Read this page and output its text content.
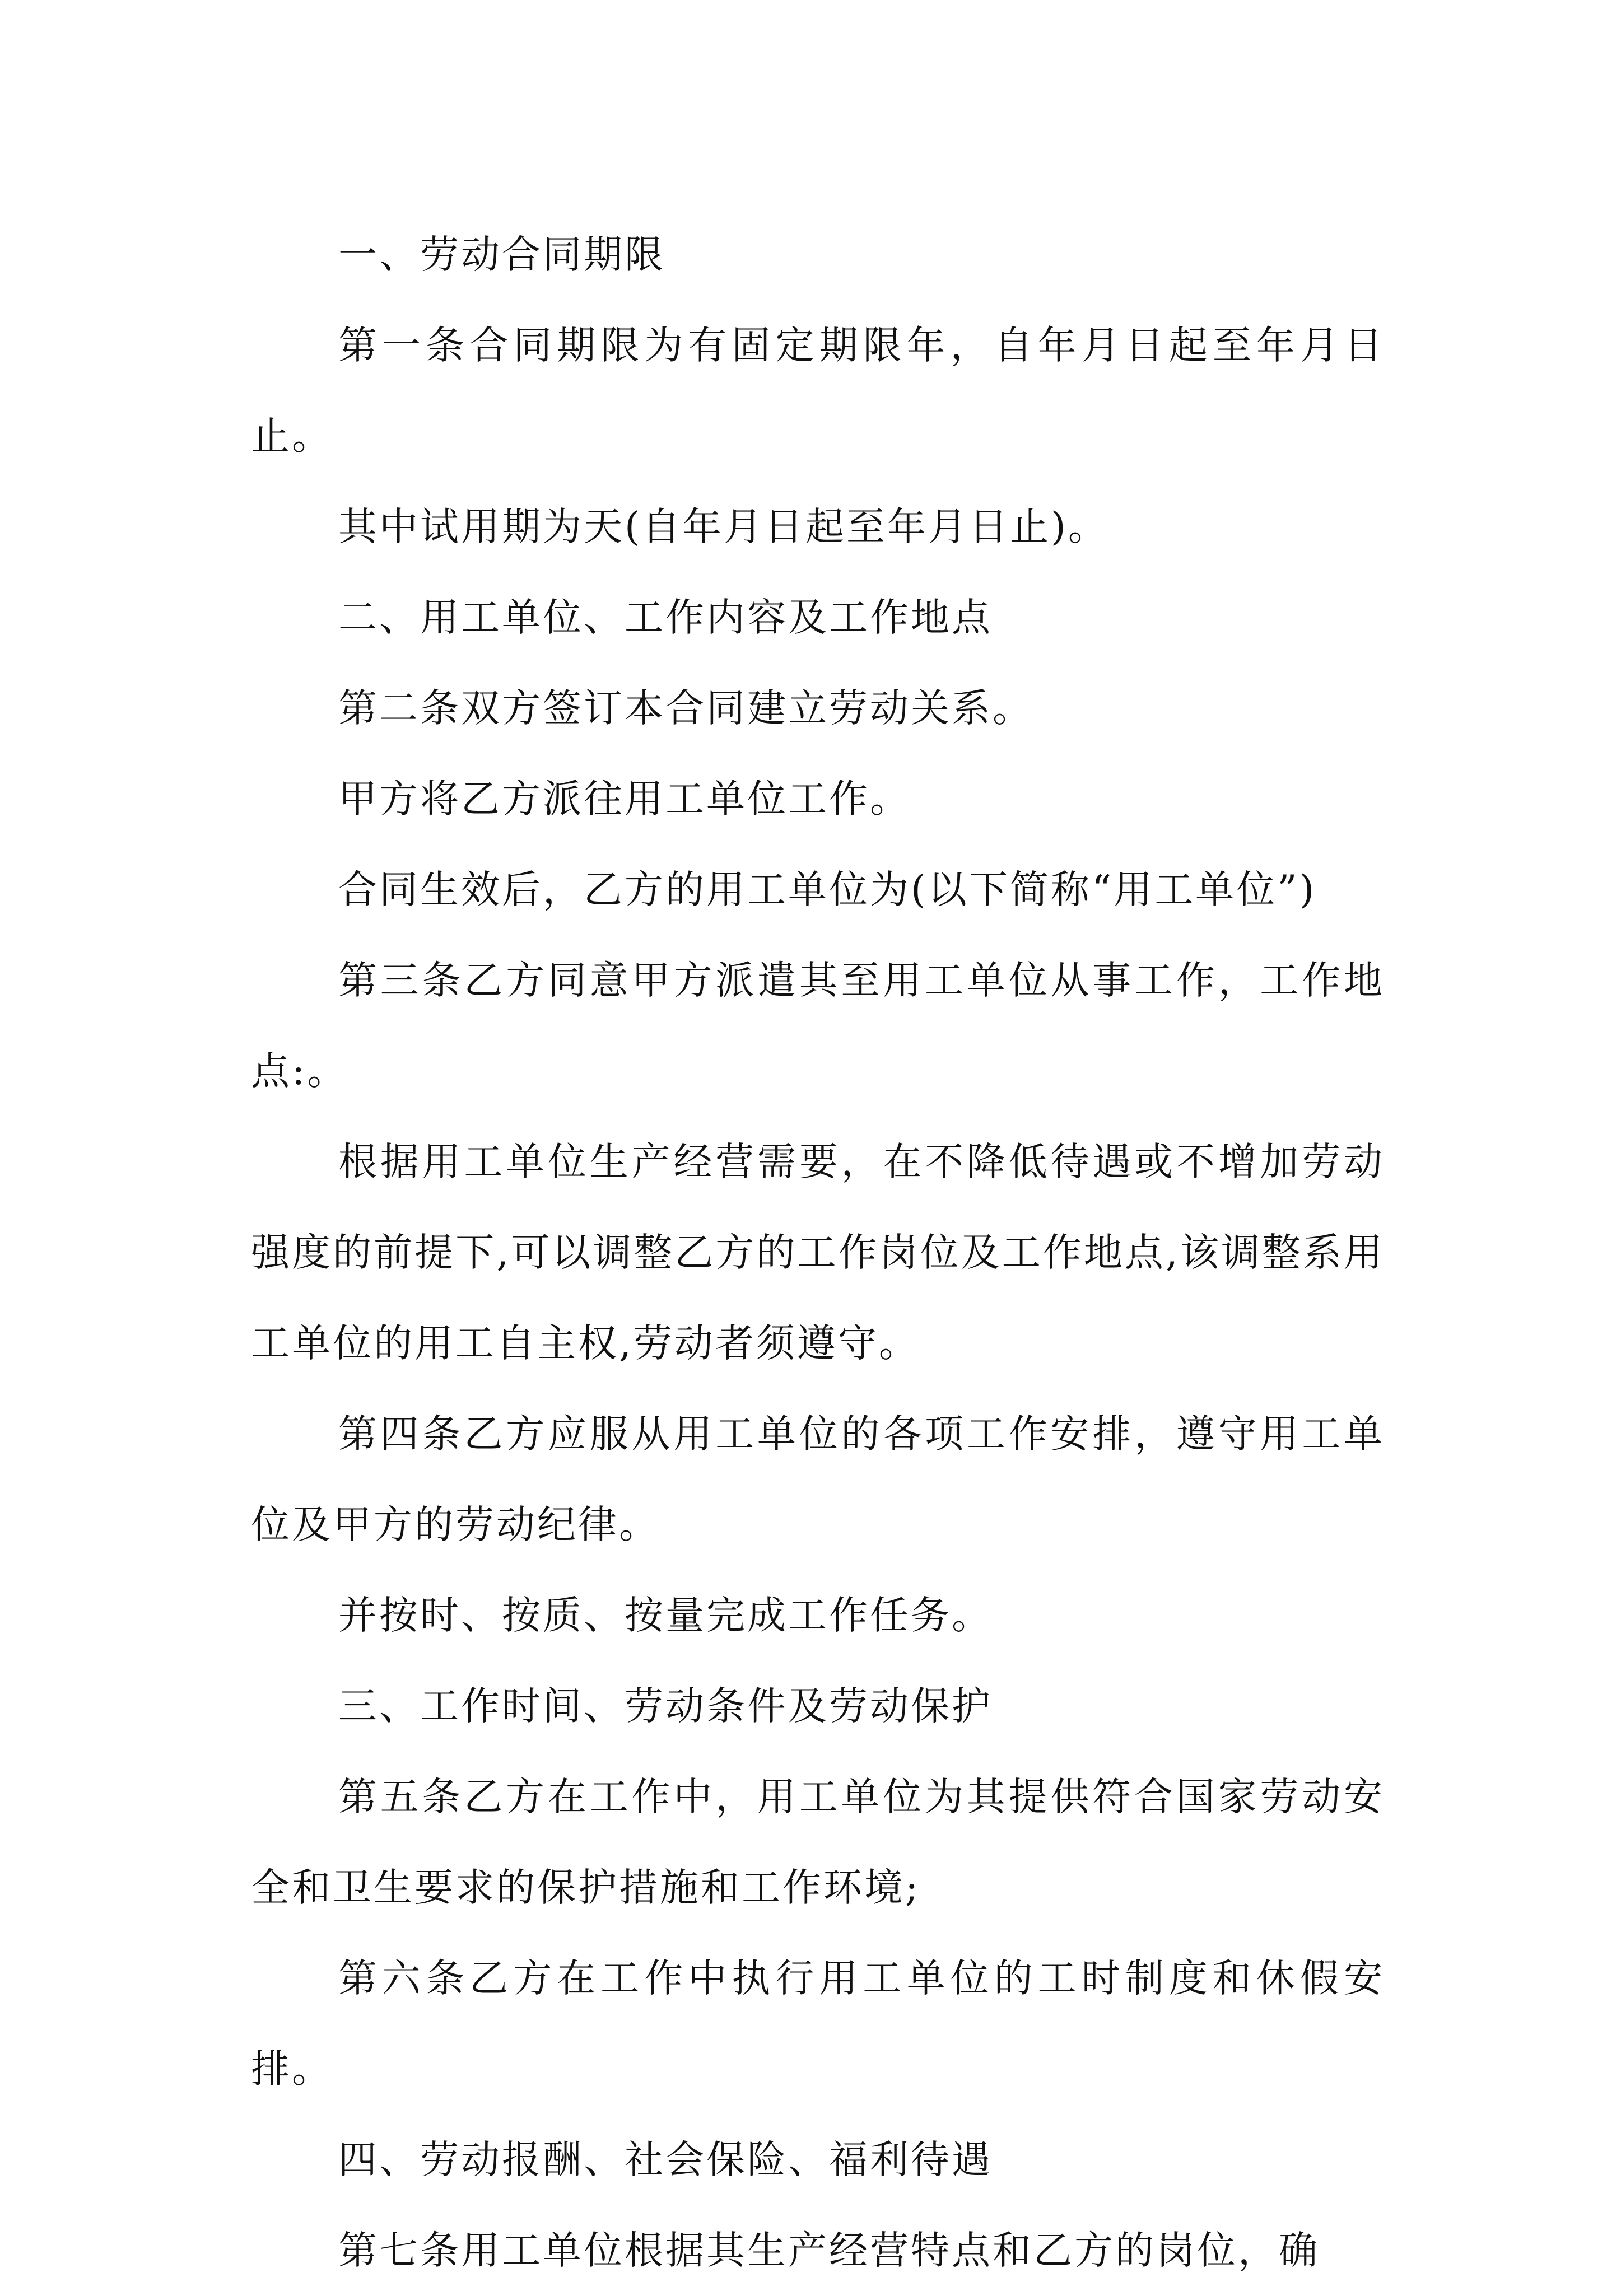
一、劳动合同期限

第一条合同期限为有固定期限年，自年月日起至年月日止。

其中试用期为天(自年月日起至年月日止)。

二、用工单位、工作内容及工作地点

第二条双方签订本合同建立劳动关系。

甲方将乙方派往用工单位工作。

合同生效后，乙方的用工单位为(以下简称“用工单位”)

第三条乙方同意甲方派遣其至用工单位从事工作，工作地点:。

根据用工单位生产经营需要，在不降低待遇或不增加劳动强度的前提下,可以调整乙方的工作岗位及工作地点,该调整系用工单位的用工自主权,劳动者须遵守。

第四条乙方应服从用工单位的各项工作安排，遵守用工单位及甲方的劳动纪律。

并按时、按质、按量完成工作任务。

三、工作时间、劳动条件及劳动保护

第五条乙方在工作中，用工单位为其提供符合国家劳动安全和卫生要求的保护措施和工作环境;

第六条乙方在工作中执行用工单位的工时制度和休假安排。

四、劳动报酬、社会保险、福利待遇

第七条用工单位根据其生产经营特点和乙方的岗位，确
